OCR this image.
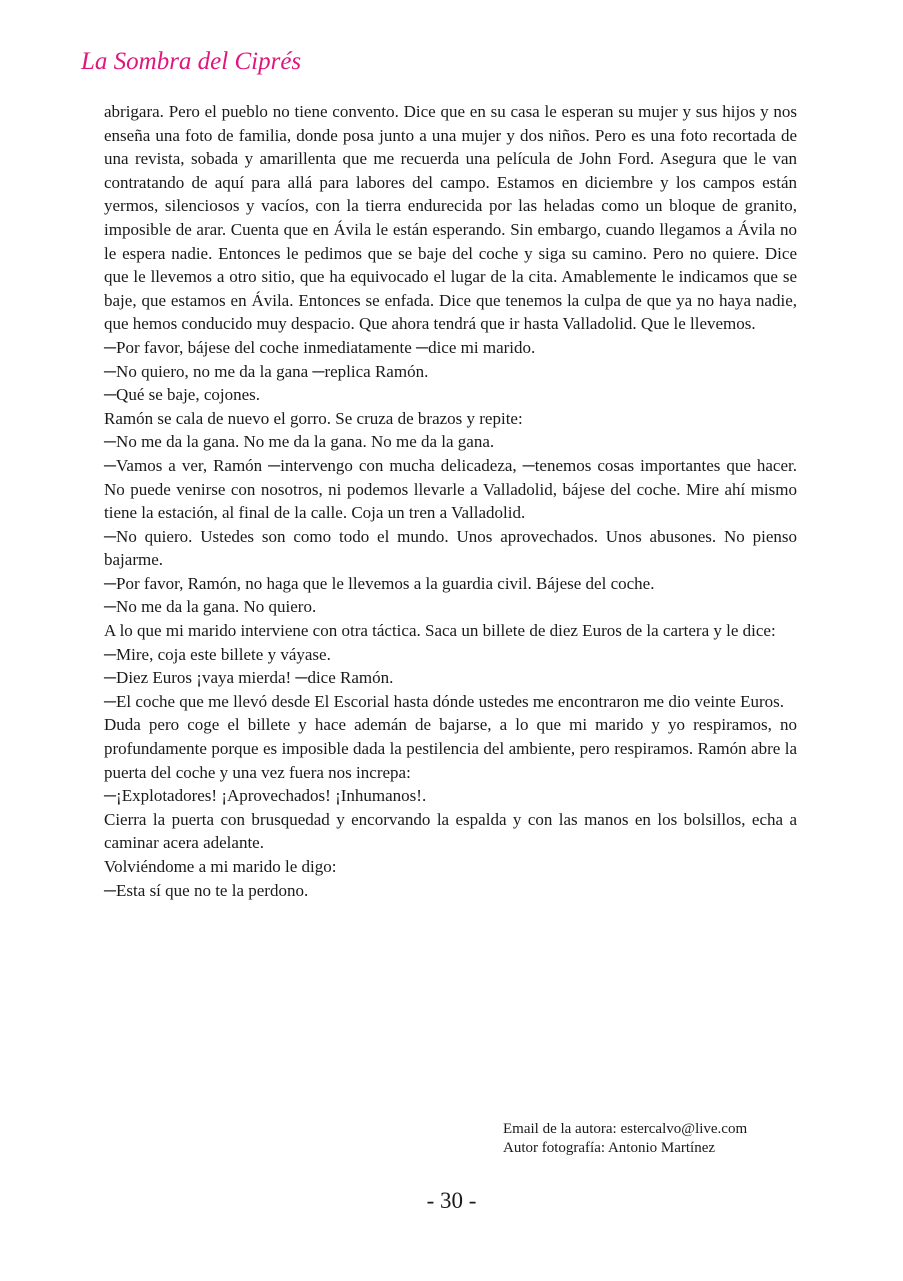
La Sombra del Ciprés

abrigara. Pero el pueblo no tiene convento. Dice que en su casa le esperan su mujer y sus hijos y nos enseña una foto de familia, donde posa junto a una mujer y dos niños. Pero es una foto recortada de una revista, sobada y amarillenta que me recuerda una película de John Ford. Asegura que le van contratando de aquí para allá para labores del campo. Estamos en diciembre y los campos están yermos, silenciosos y vacíos, con la tierra endurecida por las heladas como un bloque de granito, imposible de arar. Cuenta que en Ávila le están esperando. Sin embargo, cuando llegamos a Ávila no le espera nadie. Entonces le pedimos que se baje del coche y siga su camino. Pero no quiere. Dice que le llevemos a otro sitio, que ha equivocado el lugar de la cita. Amablemente le indicamos que se baje, que estamos en Ávila. Entonces se enfada. Dice que tenemos la culpa de que ya no haya nadie, que hemos conducido muy despacio. Que ahora tendrá que ir hasta Valladolid. Que le llevemos.

─Por favor, bájese del coche inmediatamente ─dice mi marido.

─No quiero, no me da la gana ─replica Ramón.

─Qué se baje, cojones.

Ramón se cala de nuevo el gorro. Se cruza de brazos y repite:

─No me da la gana. No me da la gana. No me da la gana.

─Vamos a ver, Ramón ─intervengo con mucha delicadeza, ─tenemos cosas importantes que hacer. No puede venirse con nosotros, ni podemos llevarle a Valladolid, bájese del coche. Mire ahí mismo tiene la estación, al final de la calle. Coja un tren a Valladolid.

─No quiero. Ustedes son como todo el mundo. Unos aprovechados. Unos abusones. No pienso bajarme.

─Por favor, Ramón, no haga que le llevemos a la guardia civil. Bájese del coche.

─No me da la gana. No quiero.

A lo que mi marido interviene con otra táctica. Saca un billete de diez Euros de la cartera y le dice:

─Mire, coja este billete y váyase.

─Diez Euros ¡vaya mierda! ─dice Ramón.

─El coche que me llevó desde El Escorial hasta dónde ustedes me encontraron me dio veinte Euros.

Duda pero coge el billete y hace ademán de bajarse, a lo que mi marido y yo respiramos, no profundamente porque es imposible dada la pestilencia del ambiente, pero respiramos. Ramón abre la puerta del coche y una vez fuera nos increpa:

─¡Explotadores! ¡Aprovechados! ¡Inhumanos!.

Cierra la puerta con brusquedad y encorvando la espalda y con las manos en los bolsillos, echa a caminar acera adelante.

Volviéndome a mi marido le digo:

─Esta sí que no te la perdono.

Email de la autora: estercalvo@live.com
Autor fotografía: Antonio Martínez
- 30 -
